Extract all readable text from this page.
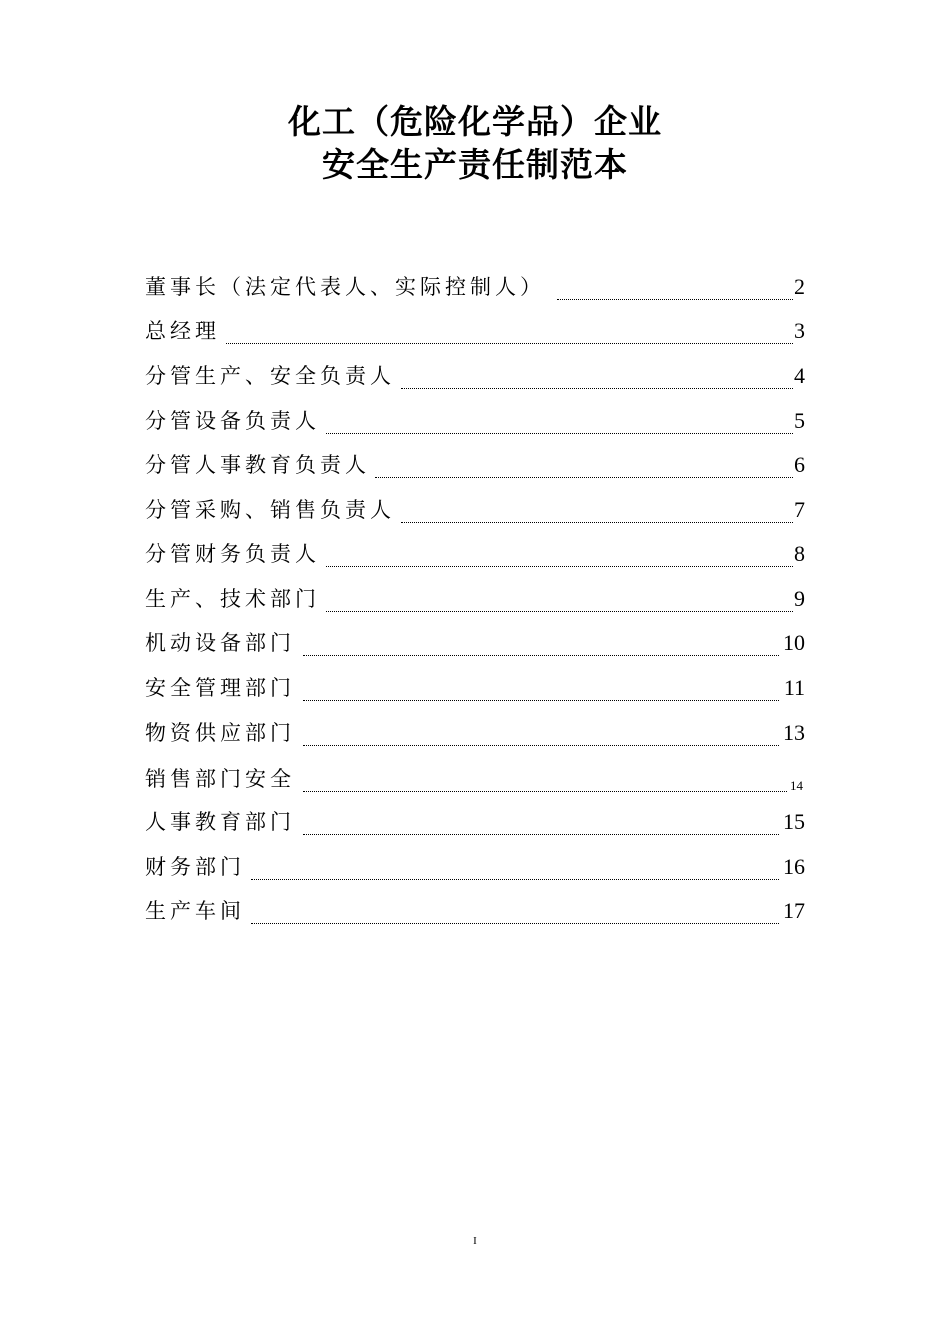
化工（危险化学品）企业
安全生产责任制范本
董事长（法定代表人、实际控制人）	2
总经理	3
分管生产、安全负责人	4
分管设备负责人	5
分管人事教育负责人	6
分管采购、销售负责人	7
分管财务负责人	8
生产、技术部门	9
机动设备部门	10
安全管理部门	11
物资供应部门	13
销售部门安全	14
人事教育部门	15
财务部门	16
生产车间	17
I
